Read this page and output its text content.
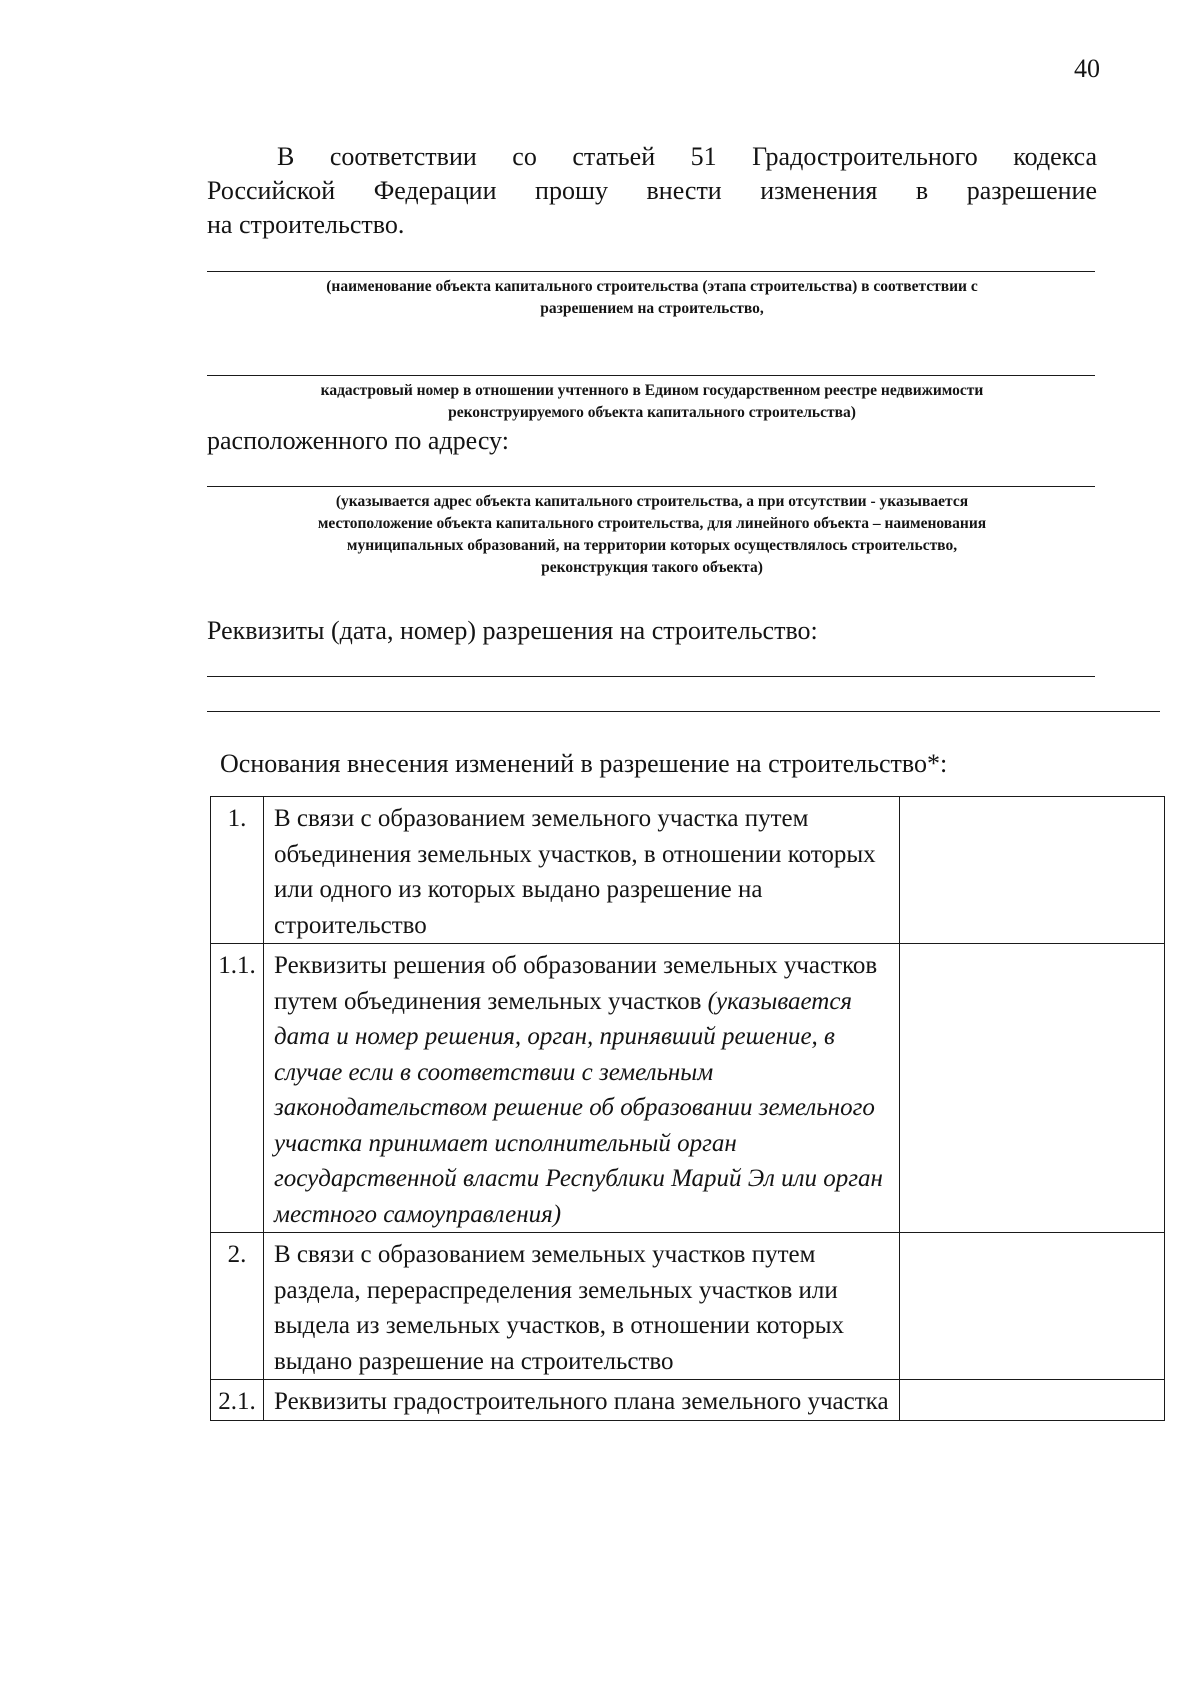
40
В соответствии со статьей 51 Градостроительного кодекса
Российской Федерации прошу внести изменения в разрешение
на строительство.
(наименование объекта капитального строительства (этапа строительства) в соответствии с
разрешением на строительство,
кадастровый номер в отношении учтенного в Едином государственном реестре недвижимости
реконструируемого объекта капитального строительства)
расположенного по адресу:
(указывается адрес объекта капитального строительства, а при отсутствии - указывается
местоположение объекта капитального строительства, для линейного объекта – наименования
муниципальных образований, на территории которых осуществлялось строительство,
реконструкция такого объекта)
Реквизиты (дата, номер) разрешения на строительство:
Основания внесения изменений в разрешение на строительство*:
1.	В связи с образованием земельного участка путем объединения земельных участков, в отношении которых или одного из которых выдано разрешение на строительство	
1.1.	Реквизиты решения об образовании земельных участков путем объединения земельных участков (указывается дата и номер решения, орган, принявший решение, в случае если в соответствии с земельным законодательством решение об образовании земельного участка принимает исполнительный орган государственной власти Республики Марий Эл или орган местного самоуправления)	
2.	В связи с образованием земельных участков путем раздела, перераспределения земельных участков или выдела из земельных участков, в отношении которых выдано разрешение на строительство	
2.1.	Реквизиты градостроительного плана земельного участка	
